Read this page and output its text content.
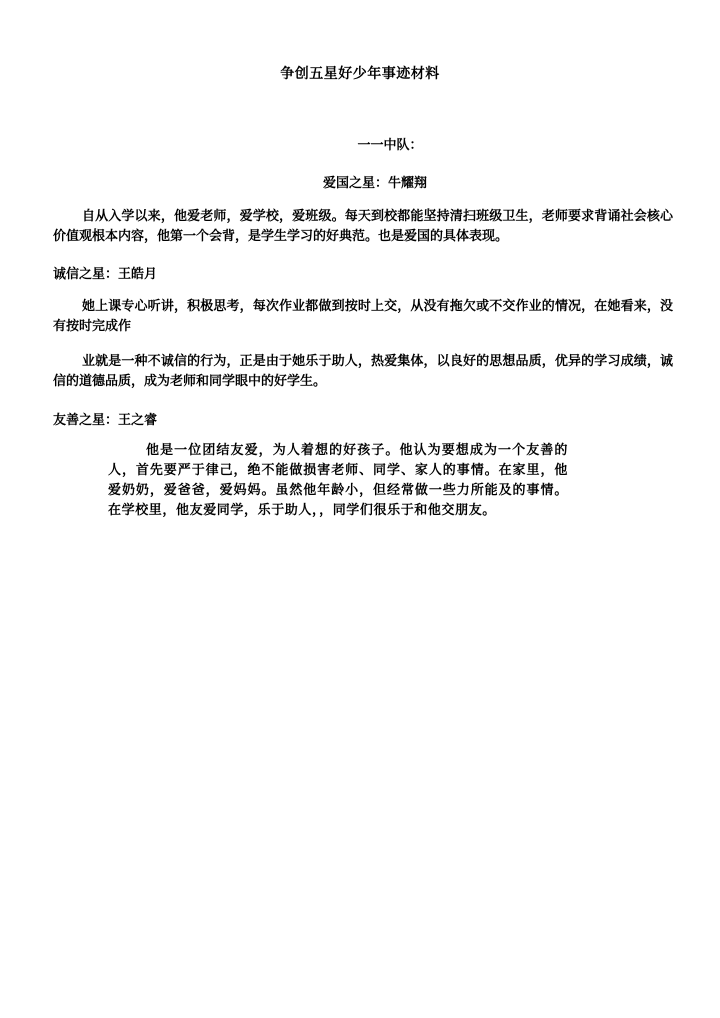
争创五星好少年事迹材料
一一中队：
爱国之星：牛耀翔
自从入学以来，他爱老师，爱学校，爱班级。每天到校都能坚持清扫班级卫生，老师要求背诵社会核心价值观根本内容，他第一个会背，是学生学习的好典范。也是爱国的具体表现。
诚信之星：王皓月
她上课专心听讲，积极思考，每次作业都做到按时上交，从没有拖欠或不交作业的情况，在她看来，没有按时完成作
业就是一种不诚信的行为，正是由于她乐于助人，热爱集体，以良好的思想品质，优异的学习成绩，诚信的道德品质，成为老师和同学眼中的好学生。
友善之星：王之睿
他是一位团结友爱，为人着想的好孩子。他认为要想成为一个友善的人，首先要严于律己，绝不能做损害老师、同学、家人的事情。在家里，他爱奶奶，爱爸爸，爱妈妈。虽然他年龄小，但经常做一些力所能及的事情。在学校里，他友爱同学，乐于助人，，同学们很乐于和他交朋友。
